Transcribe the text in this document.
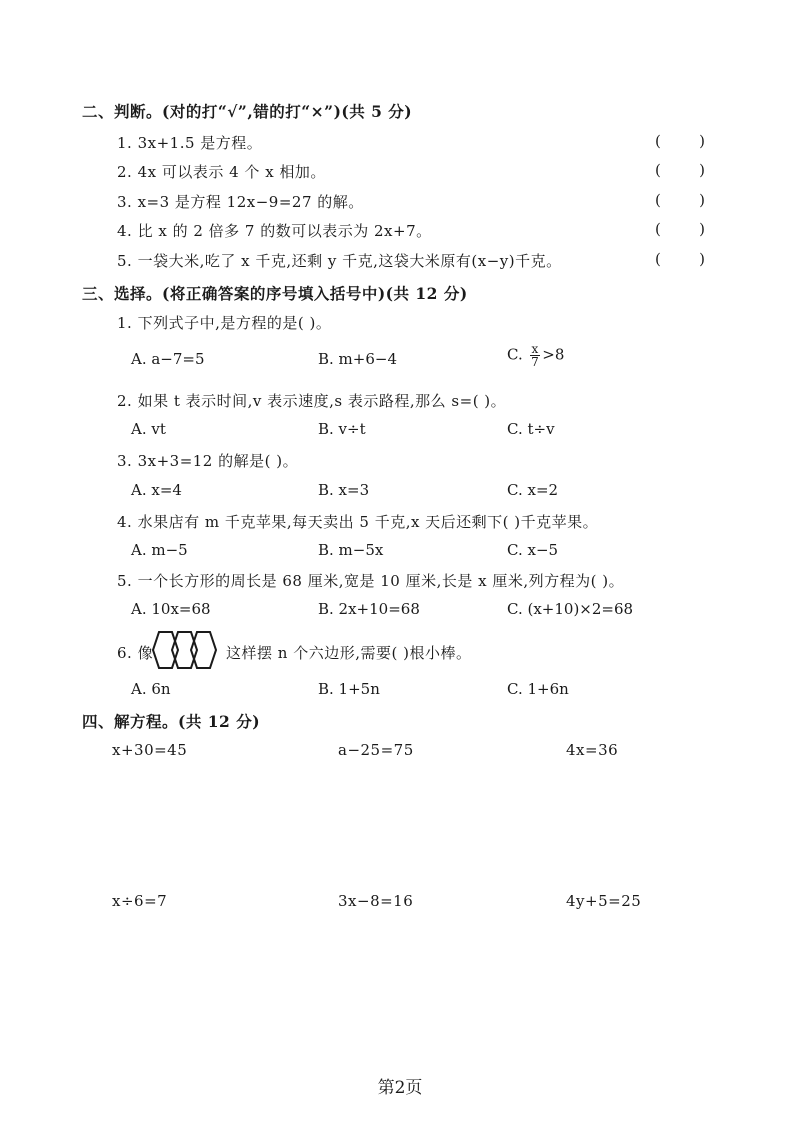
二、判断。(对的打“√”,错的打“×”)(共 5 分)
1. 3x+1.5 是方程。	(	)
2. 4x 可以表示 4 个 x 相加。	(	)
3. x=3 是方程 12x−9=27 的解。	(	)
4. 比 x 的 2 倍多 7 的数可以表示为 2x+7。	(	)
5. 一袋大米,吃了 x 千克,还剩 y 千克,这袋大米原有(x−y)千克。	(	)
三、选择。(将正确答案的序号填入括号中)(共 12 分)
1. 下列式子中,是方程的是( )。
A. a−7=5	B. m+6−4	C. $\frac{x}{7} >8$
2. 如果 t 表示时间,v 表示速度,s 表示路程,那么 s=( )。
A. vt	B. v÷t	C. t÷v
3. 3x+3=12 的解是( )。
A. x=4	B. x=3	C. x=2
4. 水果店有 m 千克苹果,每天卖出 5 千克,x 天后还剩下( )千克苹果。
A. m−5	B. m−5x	C. x−5
5. 一个长方形的周长是 68 厘米,宽是 10 厘米,长是 x 厘米,列方程为( )。
A. 10x=68	B. 2x+10=68	C. (x+10)×2=68
6. 像	这样摆 n 个六边形,需要( )根小棒。
A. 6n	B. 1+5n	C. 1+6n
四、解方程。(共 12 分)
x+30=45	a−25=75	4x=36
x÷6=7	3x−8=16	4y+5=25
第2页
